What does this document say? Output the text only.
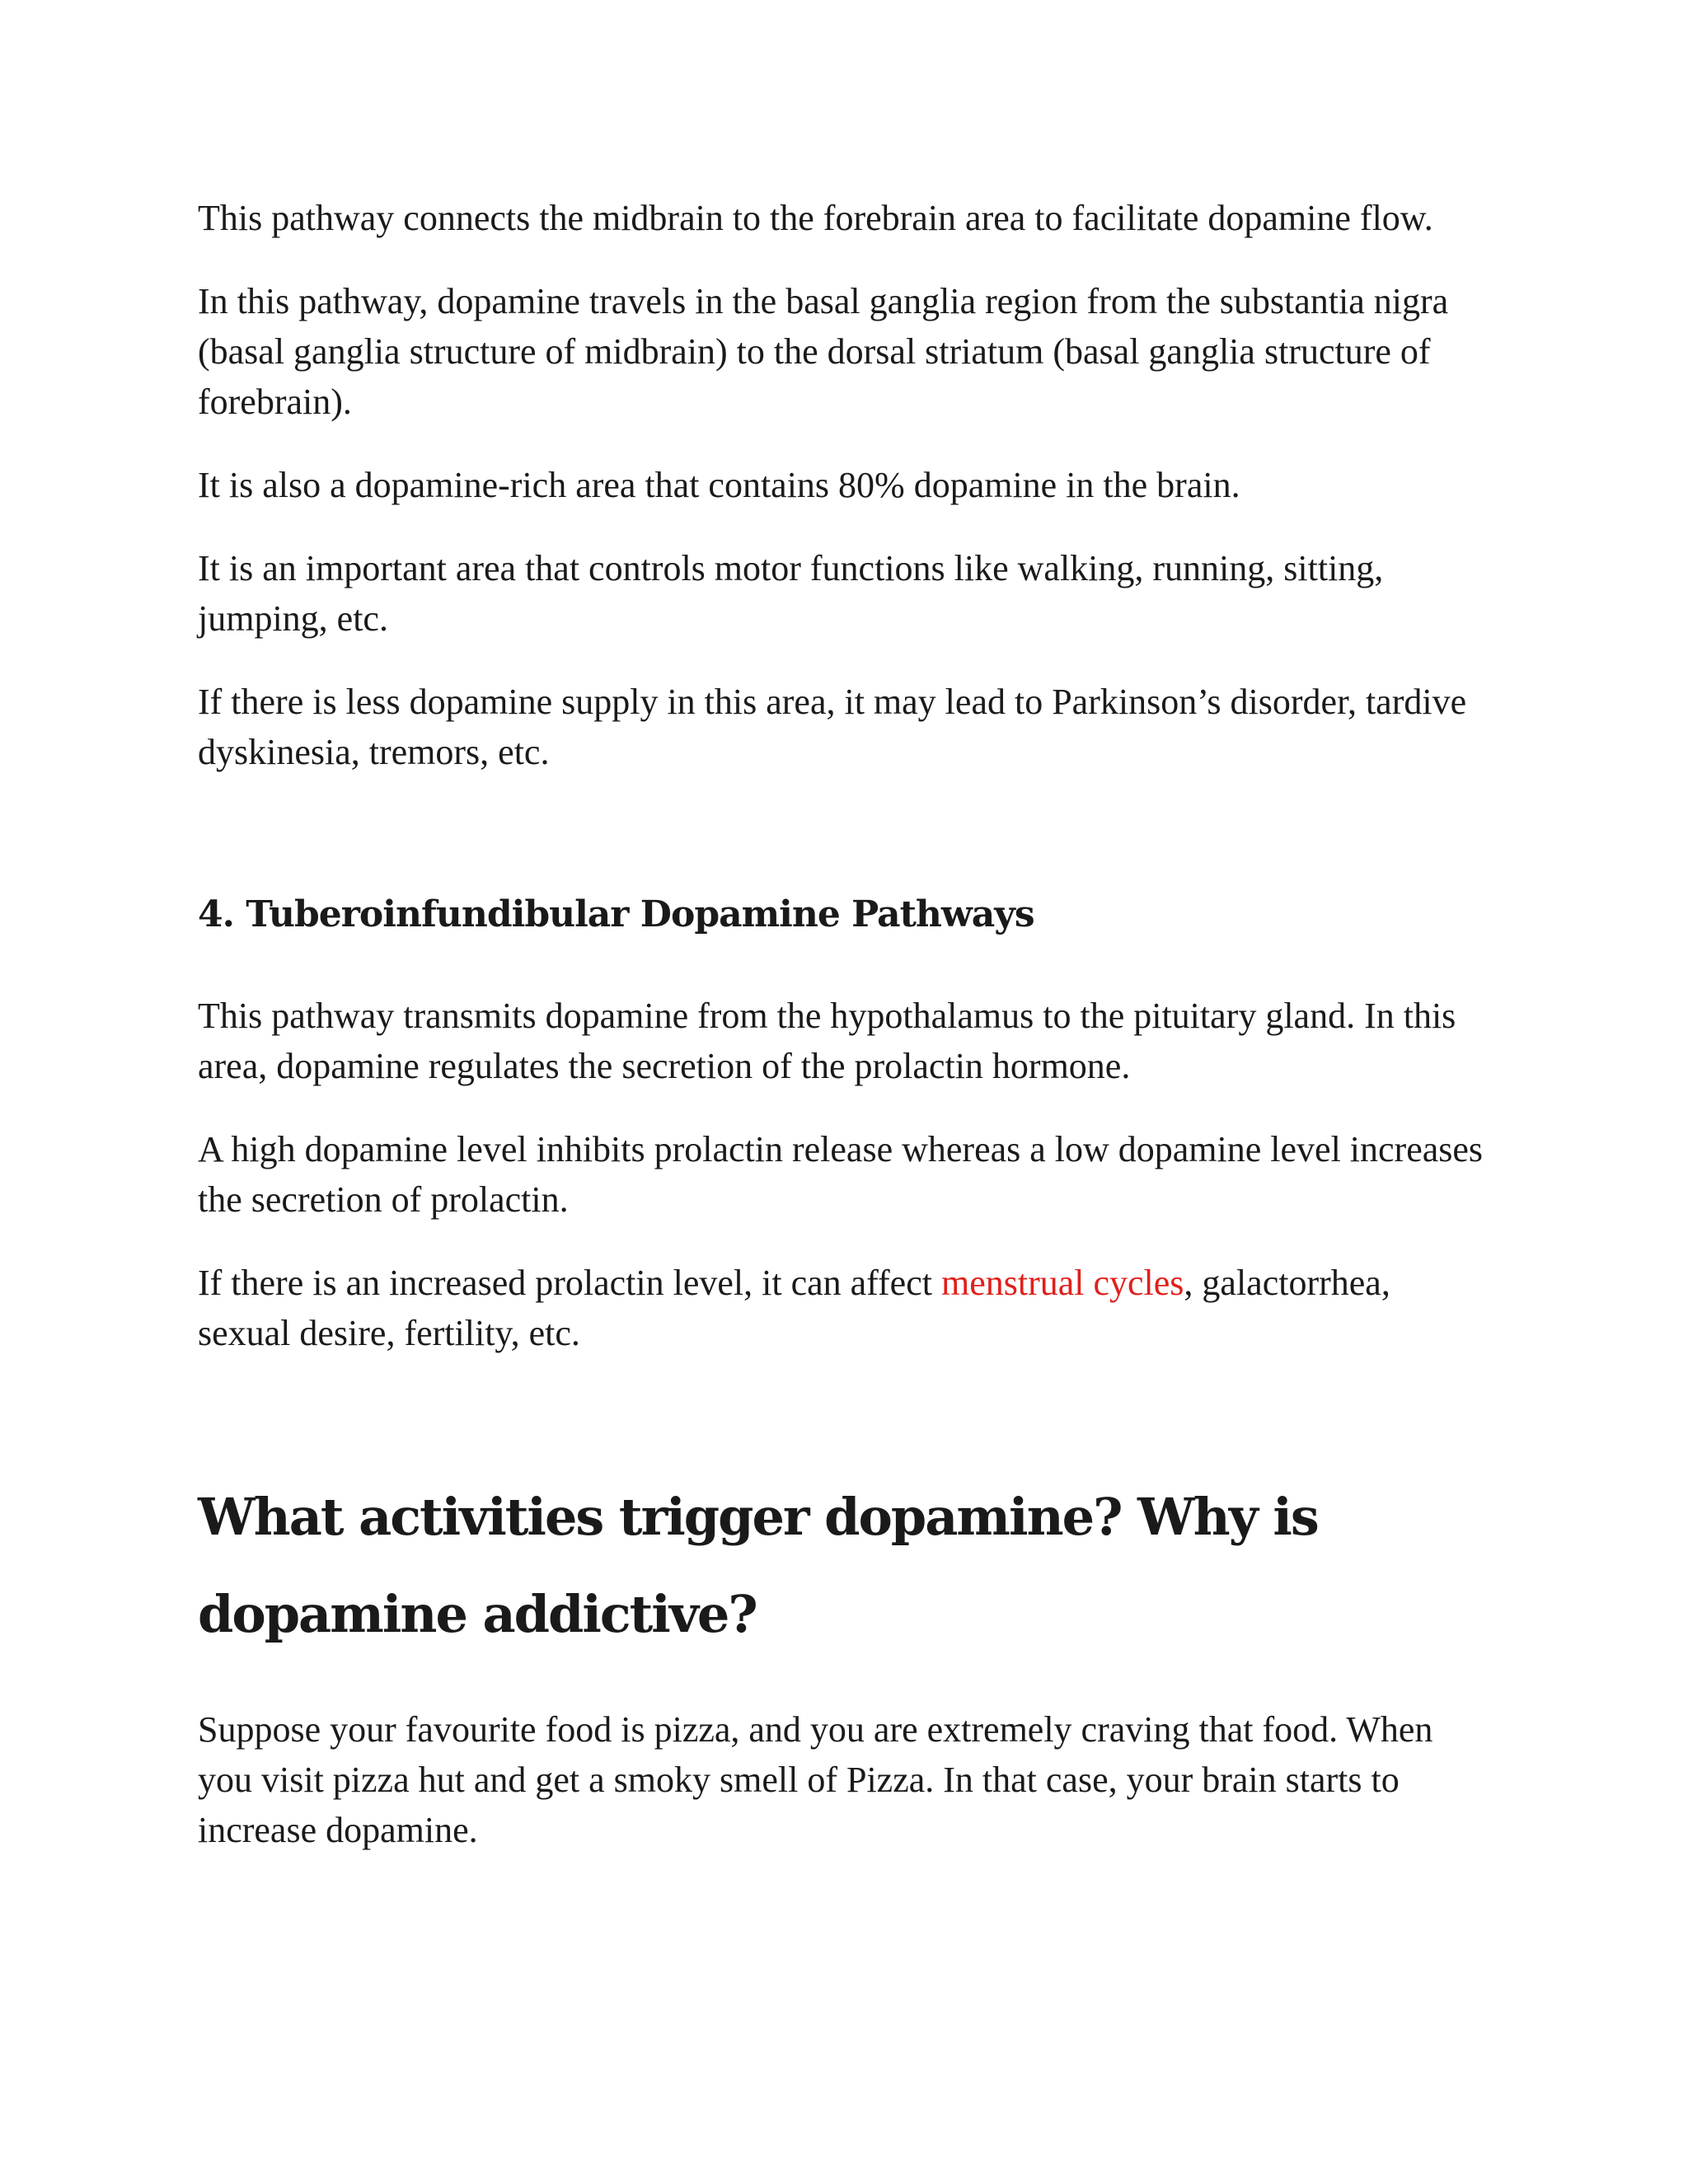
This pathway connects the midbrain to the forebrain area to facilitate dopamine flow.

In this pathway, dopamine travels in the basal ganglia region from the substantia nigra (basal ganglia structure of midbrain) to the dorsal striatum (basal ganglia structure of forebrain).

It is also a dopamine-rich area that contains 80% dopamine in the brain.

It is an important area that controls motor functions like walking, running, sitting, jumping, etc.

If there is less dopamine supply in this area, it may lead to Parkinson’s disorder, tardive dyskinesia, tremors, etc.

4. Tuberoinfundibular Dopamine Pathways

This pathway transmits dopamine from the hypothalamus to the pituitary gland. In this area, dopamine regulates the secretion of the prolactin hormone.

A high dopamine level inhibits prolactin release whereas a low dopamine level increases the secretion of prolactin.

If there is an increased prolactin level, it can affect menstrual cycles, galactorrhea, sexual desire, fertility, etc.

What activities trigger dopamine? Why is dopamine addictive?

Suppose your favourite food is pizza, and you are extremely craving that food. When you visit pizza hut and get a smoky smell of Pizza. In that case, your brain starts to increase dopamine.
